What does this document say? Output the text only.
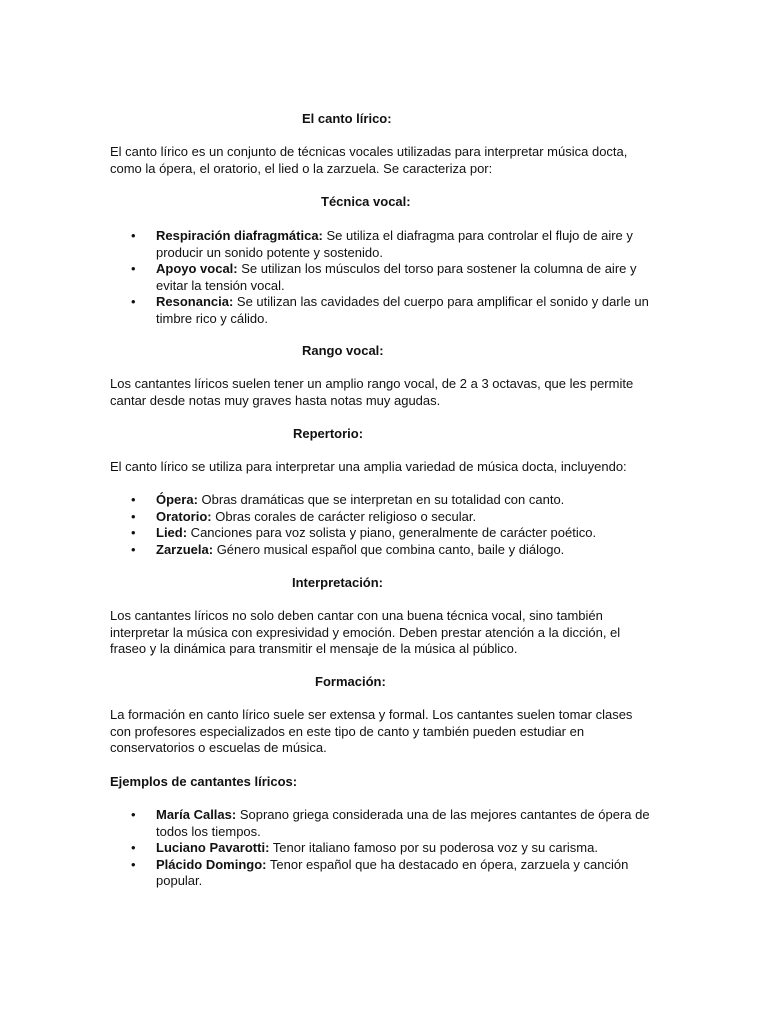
El canto lírico:
El canto lírico es un conjunto de técnicas vocales utilizadas para interpretar música docta, como la ópera, el oratorio, el lied o la zarzuela. Se caracteriza por:
Técnica vocal:
• Respiración diafragmática: Se utiliza el diafragma para controlar el flujo de aire y producir un sonido potente y sostenido.
• Apoyo vocal: Se utilizan los músculos del torso para sostener la columna de aire y evitar la tensión vocal.
• Resonancia: Se utilizan las cavidades del cuerpo para amplificar el sonido y darle un timbre rico y cálido.
Rango vocal:
Los cantantes líricos suelen tener un amplio rango vocal, de 2 a 3 octavas, que les permite cantar desde notas muy graves hasta notas muy agudas.
Repertorio:
El canto lírico se utiliza para interpretar una amplia variedad de música docta, incluyendo:
• Ópera: Obras dramáticas que se interpretan en su totalidad con canto.
• Oratorio: Obras corales de carácter religioso o secular.
• Lied: Canciones para voz solista y piano, generalmente de carácter poético.
• Zarzuela: Género musical español que combina canto, baile y diálogo.
Interpretación:
Los cantantes líricos no solo deben cantar con una buena técnica vocal, sino también interpretar la música con expresividad y emoción. Deben prestar atención a la dicción, el fraseo y la dinámica para transmitir el mensaje de la música al público.
Formación:
La formación en canto lírico suele ser extensa y formal. Los cantantes suelen tomar clases con profesores especializados en este tipo de canto y también pueden estudiar en conservatorios o escuelas de música.
Ejemplos de cantantes líricos:
• María Callas: Soprano griega considerada una de las mejores cantantes de ópera de todos los tiempos.
• Luciano Pavarotti: Tenor italiano famoso por su poderosa voz y su carisma.
• Plácido Domingo: Tenor español que ha destacado en ópera, zarzuela y canción popular.
